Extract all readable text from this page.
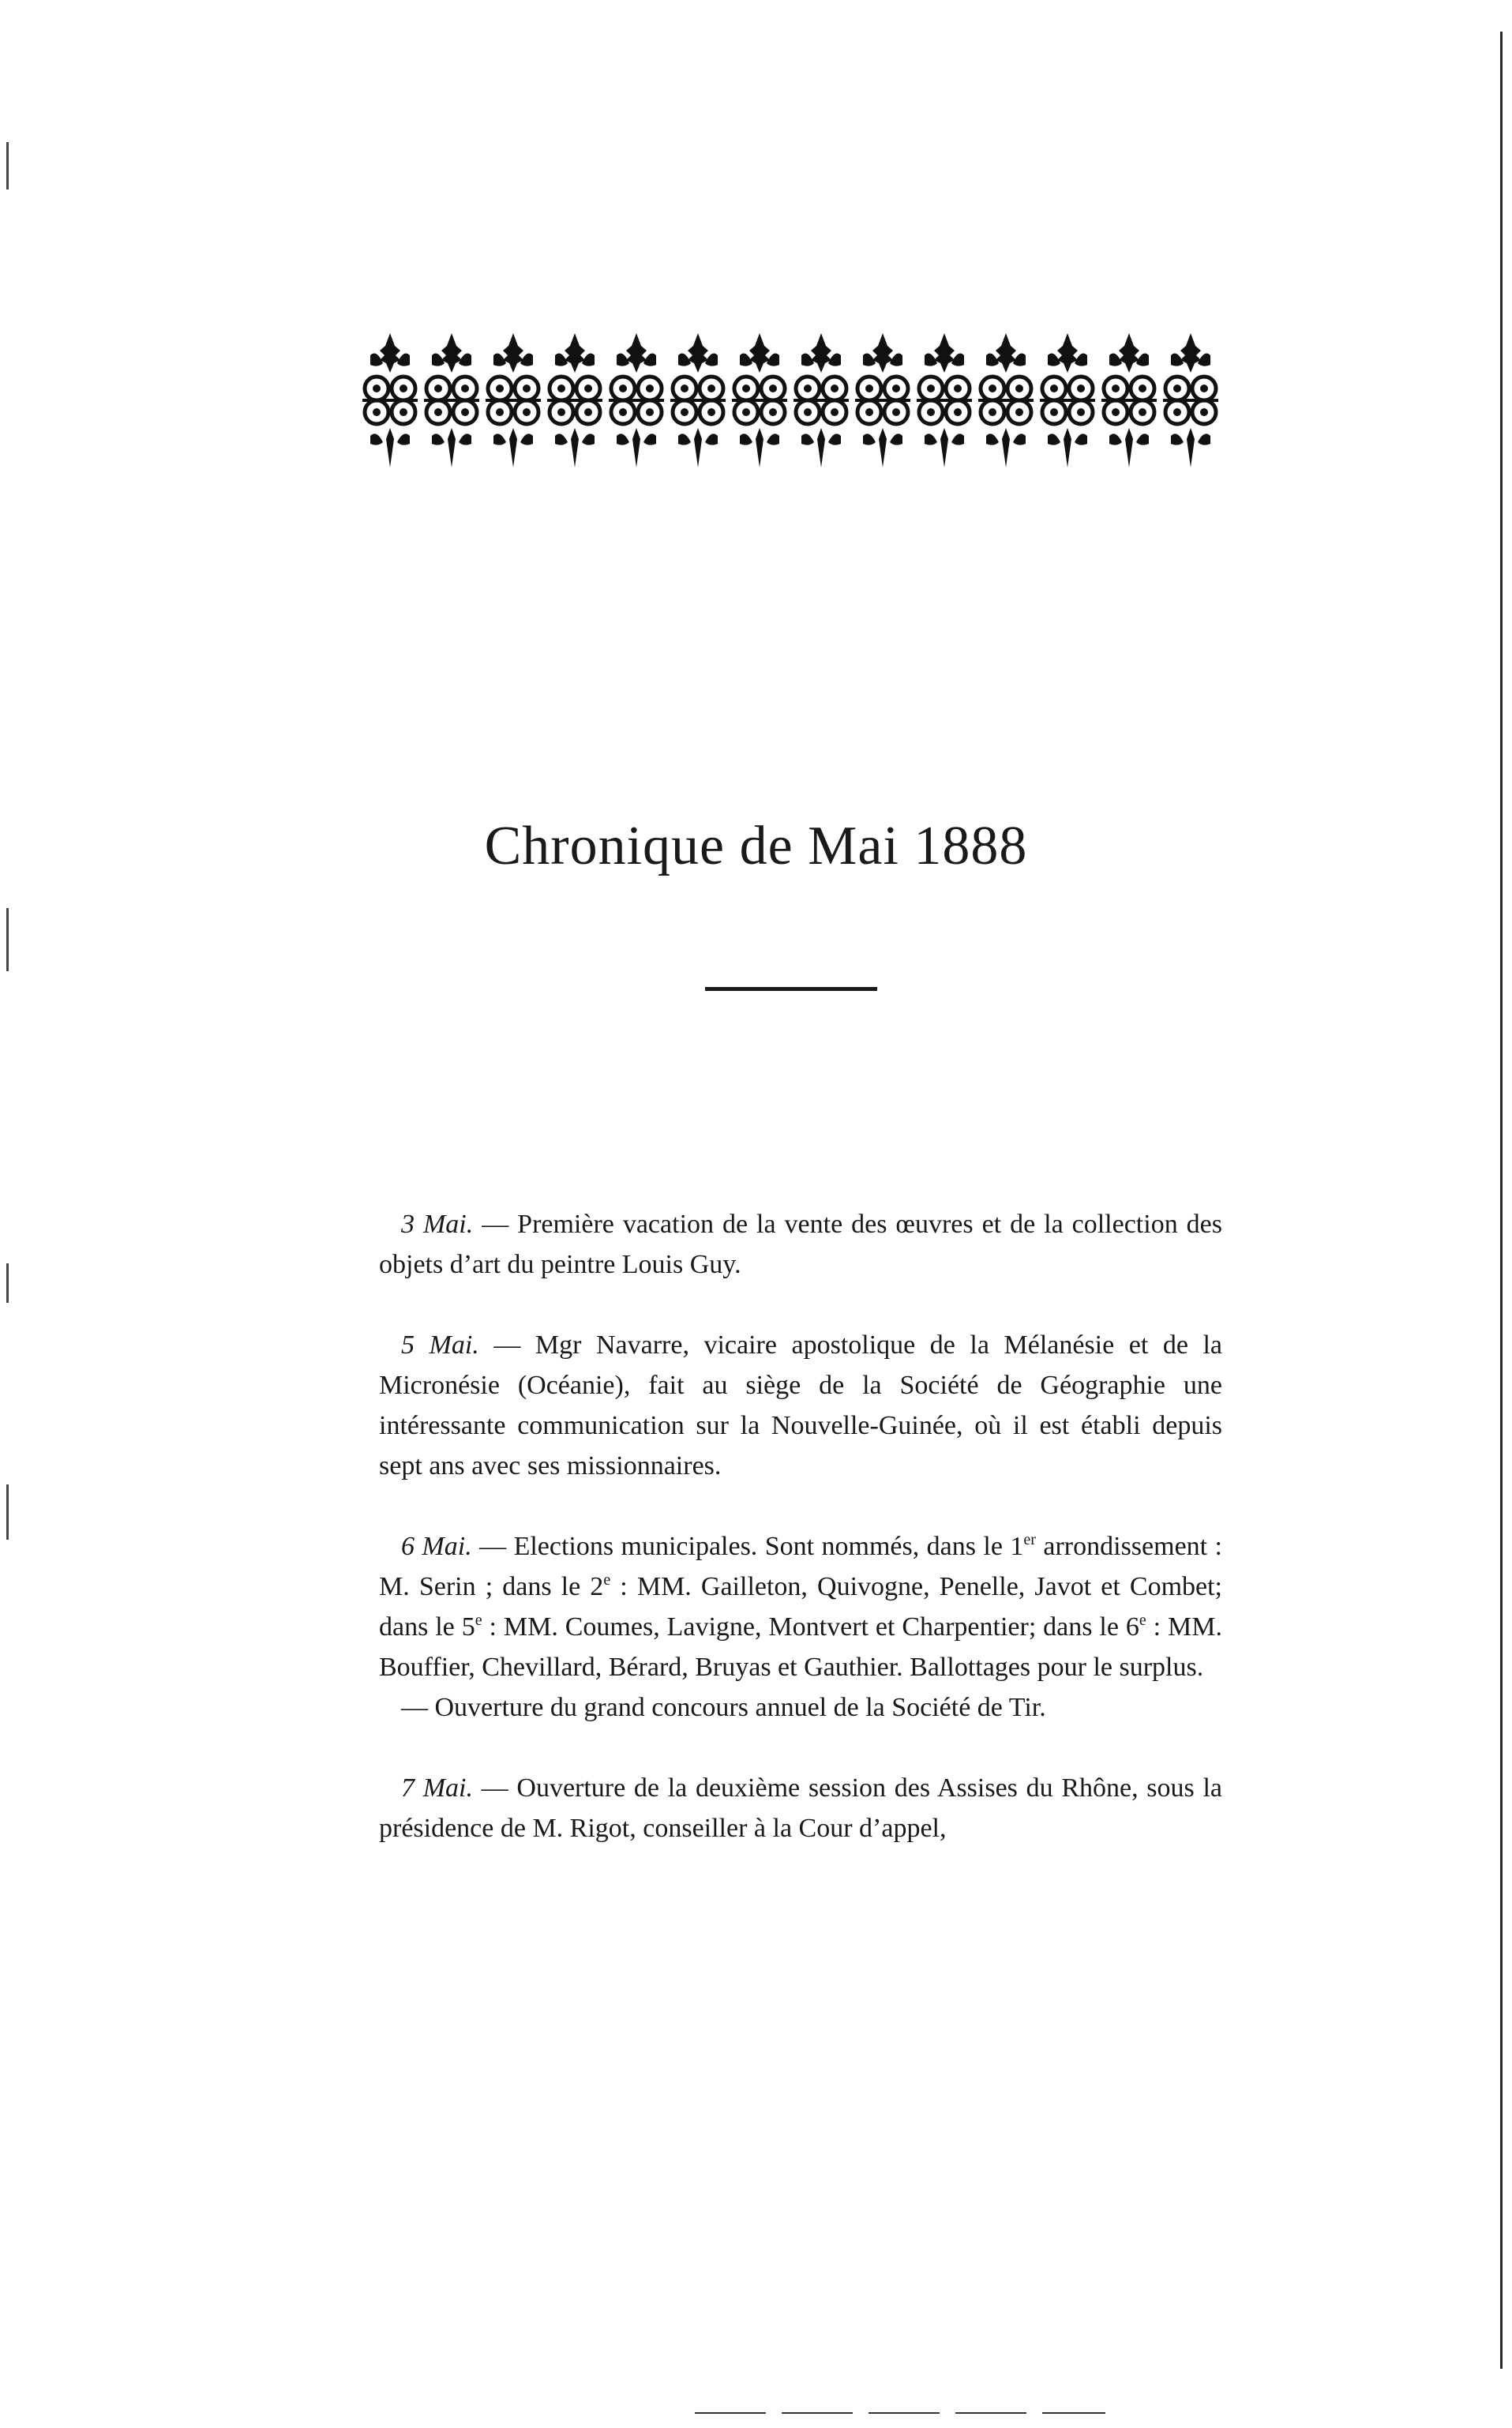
Chronique de Mai 1888

3 Mai. — Première vacation de la vente des œuvres et de la collection des objets d’art du peintre Louis Guy.

5 Mai. — Mgr Navarre, vicaire apostolique de la Mélanésie et de la Micronésie (Océanie), fait au siège de la Société de Géographie une intéressante communication sur la Nouvelle-Guinée, où il est établi depuis sept ans avec ses missionnaires.

6 Mai. — Elections municipales. Sont nommés, dans le 1er arrondissement : M. Serin ; dans le 2e : MM. Gailleton, Quivogne, Penelle, Javot et Combet; dans le 5e : MM. Coumes, Lavigne, Montvert et Charpentier; dans le 6e : MM. Bouffier, Chevillard, Bérard, Bruyas et Gauthier. Ballottages pour le surplus.

— Ouverture du grand concours annuel de la Société de Tir.

7 Mai. — Ouverture de la deuxième session des Assises du Rhône, sous la présidence de M. Rigot, conseiller à la Cour d’appel,
